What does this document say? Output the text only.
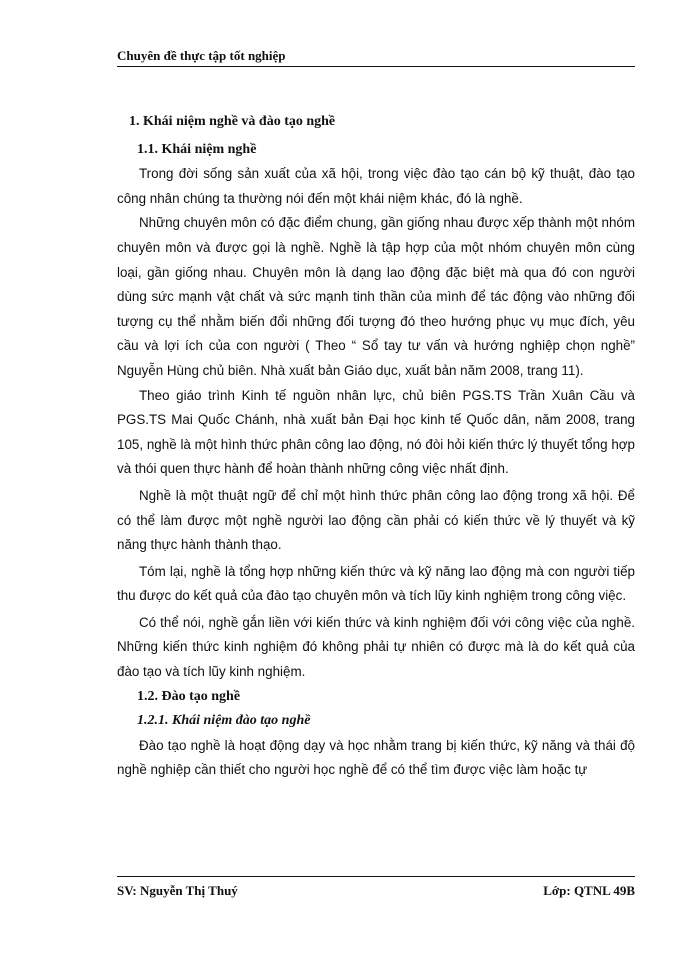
Chuyên đề thực tập tốt nghiệp
1. Khái niệm nghề và đào tạo nghề
1.1. Khái niệm nghề

Trong đời sống sản xuất của xã hội, trong việc đào tạo cán bộ kỹ thuật, đào tạo công nhân chúng ta thường nói đến một khái niệm khác, đó là nghề.

Những chuyên môn có đặc điểm chung, gần giống nhau được xếp thành một nhóm chuyên môn và được gọi là nghề. Nghề là tập hợp của một nhóm chuyên môn cùng loại, gần giống nhau. Chuyên môn là dạng lao động đặc biệt mà qua đó con người dùng sức mạnh vật chất và sức mạnh tinh thần của mình để tác động vào những đối tượng cụ thể nhằm biến đổi những đối tượng đó theo hướng phục vụ mục đích, yêu cầu và lợi ích của con người ( Theo “ Sổ tay tư vấn và hướng nghiệp chọn nghề” Nguyễn Hùng chủ biên. Nhà xuất bản Giáo dục, xuất bản năm 2008, trang 11).

Theo giáo trình Kinh tế nguồn nhân lực, chủ biên PGS.TS Trần Xuân Cầu và PGS.TS Mai Quốc Chánh, nhà xuất bản Đại học kinh tế Quốc dân, năm 2008, trang 105, nghề là một hình thức phân công lao động, nó đòi hỏi kiến thức lý thuyết tổng hợp và thói quen thực hành để hoàn thành những công việc nhất định.

Nghề là một thuật ngữ để chỉ một hình thức phân công lao động trong xã hội. Để có thể làm được một nghề người lao động cần phải có kiến thức về lý thuyết và kỹ năng thực hành thành thạo.

Tóm lại, nghề là tổng hợp những kiến thức và kỹ năng lao động mà con người tiếp thu được do kết quả của đào tạo chuyên môn và tích lũy kinh nghiệm trong công việc.

Có thể nói, nghề gắn liền với kiến thức và kinh nghiệm đối với công việc của nghề. Những kiến thức kinh nghiệm đó không phải tự nhiên có được mà là do kết quả của đào tạo và tích lũy kinh nghiệm.

1.2. Đào tạo nghề
1.2.1. Khái niệm đào tạo nghề

Đào tạo nghề là hoạt động dạy và học nhằm trang bị kiến thức, kỹ năng và thái độ nghề nghiệp cần thiết cho người học nghề để có thể tìm được việc làm hoặc tự

SV: Nguyễn Thị Thuý	Lớp: QTNL 49B
